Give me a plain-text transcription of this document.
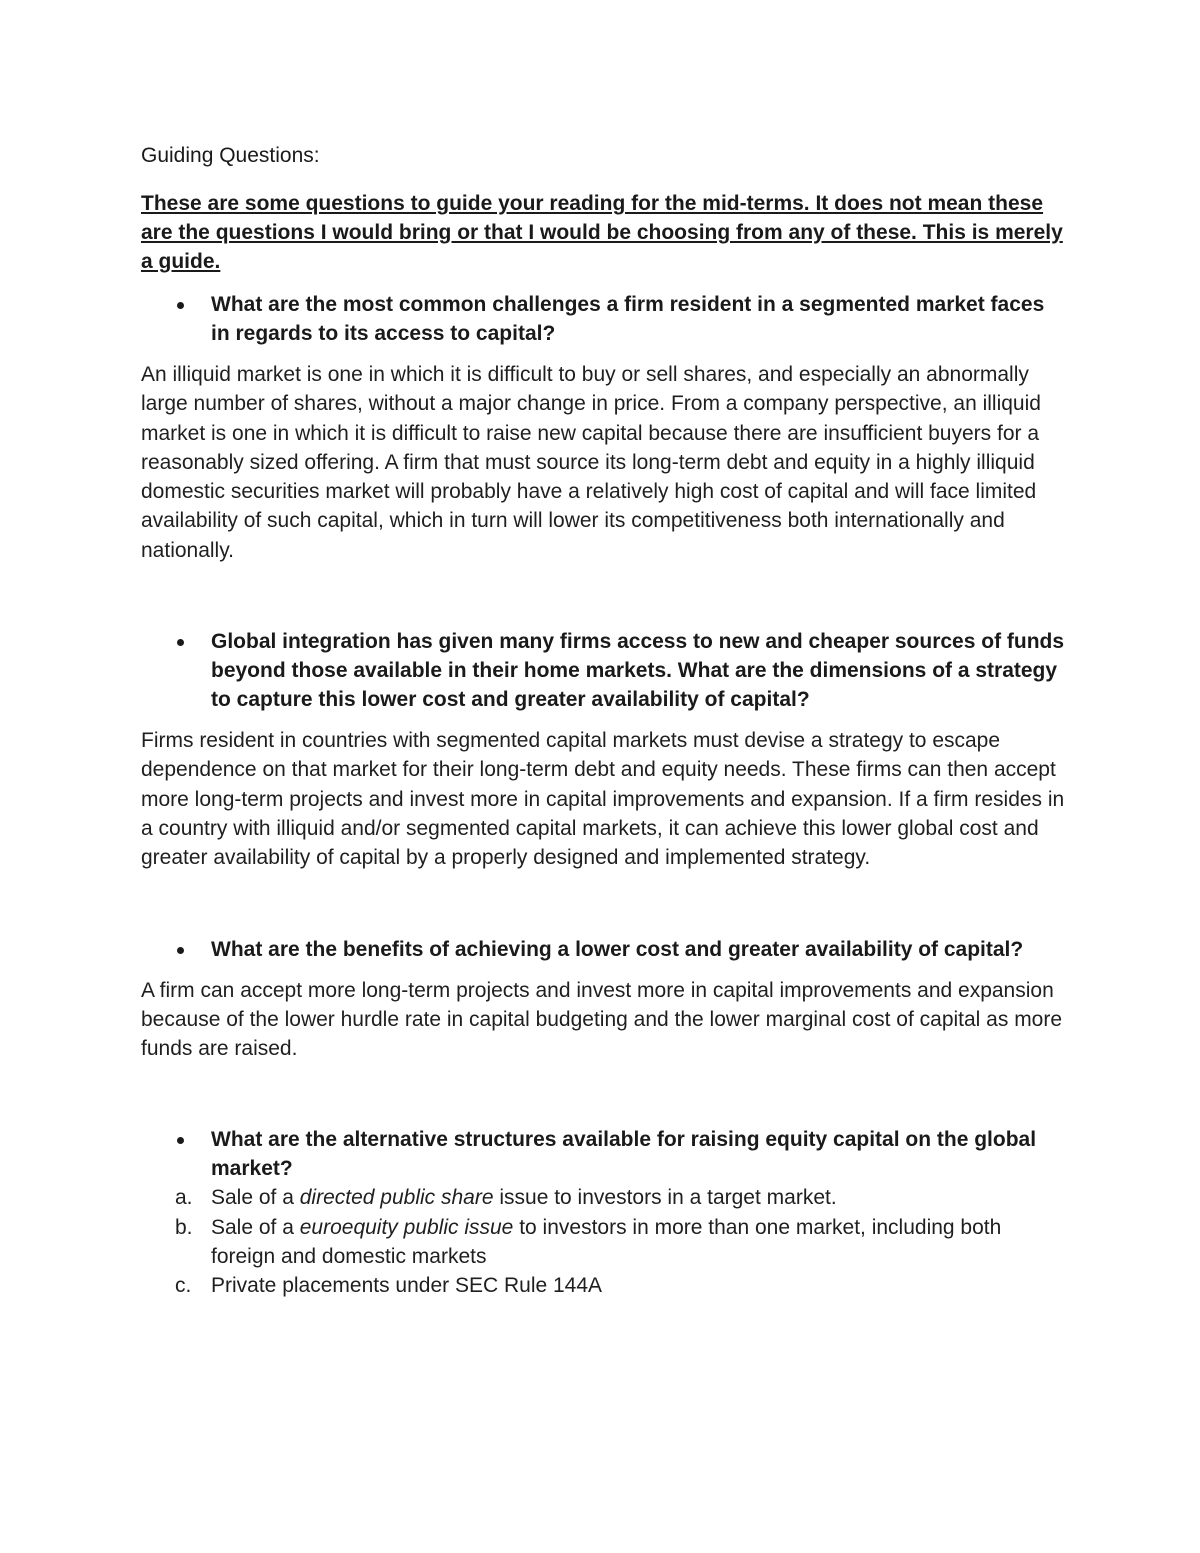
Guiding Questions:

These are some questions to guide your reading for the mid-terms. It does not mean these are the questions I would bring or that I would be choosing from any of these. This is merely a guide.

What are the most common challenges a firm resident in a segmented market faces in regards to its access to capital?

An illiquid market is one in which it is difficult to buy or sell shares, and especially an abnormally large number of shares, without a major change in price. From a company perspective, an illiquid market is one in which it is difficult to raise new capital because there are insufficient buyers for a reasonably sized offering. A firm that must source its long-term debt and equity in a highly illiquid domestic securities market will probably have a relatively high cost of capital and will face limited availability of such capital, which in turn will lower its competitiveness both internationally and nationally.

Global integration has given many firms access to new and cheaper sources of funds beyond those available in their home markets. What are the dimensions of a strategy to capture this lower cost and greater availability of capital?

Firms resident in countries with segmented capital markets must devise a strategy to escape dependence on that market for their long-term debt and equity needs. These firms can then accept more long-term projects and invest more in capital improvements and expansion. If a firm resides in a country with illiquid and/or segmented capital markets, it can achieve this lower global cost and greater availability of capital by a properly designed and implemented strategy.

What are the benefits of achieving a lower cost and greater availability of capital?

A firm can accept more long-term projects and invest more in capital improvements and expansion because of the lower hurdle rate in capital budgeting and the lower marginal cost of capital as more funds are raised.

What are the alternative structures available for raising equity capital on the global market?
a. Sale of a directed public share issue to investors in a target market.
b. Sale of a euroequity public issue to investors in more than one market, including both foreign and domestic markets
c. Private placements under SEC Rule 144A
